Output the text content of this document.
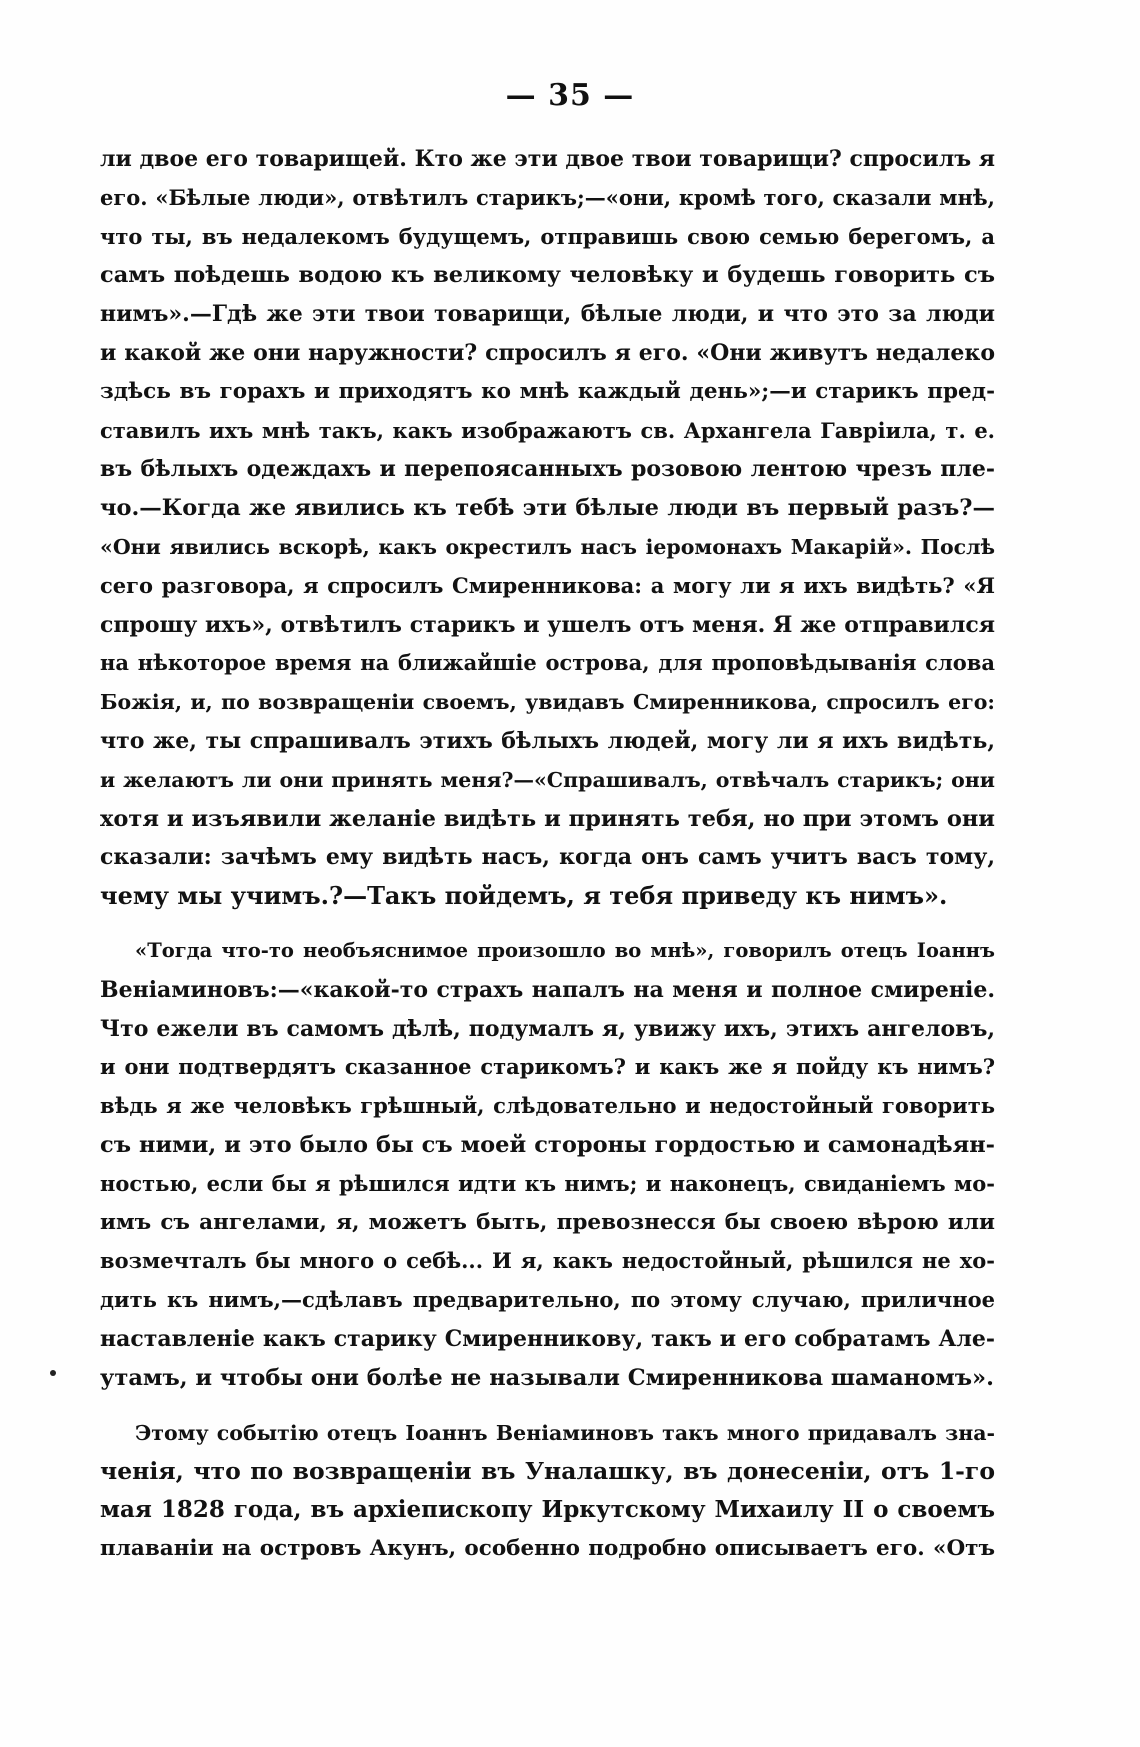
— 35 —
ли двое его товарищей. Кто же эти двое твои товарищи? спросилъ я
его. «Бѣлые люди», отвѣтилъ старикъ;—«они, кромѣ того, сказали мнѣ,
что ты, въ недалекомъ будущемъ, отправишь свою семью берегомъ, а
самъ поѣдешь водою къ великому человѣку и будешь говорить съ
нимъ».—Гдѣ же эти твои товарищи, бѣлые люди, и что это за люди
и какой же они наружности? спросилъ я его. «Они живутъ недалеко
здѣсь въ горахъ и приходятъ ко мнѣ каждый день»;—и старикъ пред-
ставилъ ихъ мнѣ такъ, какъ изображаютъ св. Архангела Гавріила, т. е.
въ бѣлыхъ одеждахъ и перепоясанныхъ розовою лентою чрезъ пле-
чо.—Когда же явились къ тебѣ эти бѣлые люди въ первый разъ?—
«Они явились вскорѣ, какъ окрестилъ насъ іеромонахъ Макарій». Послѣ
сего разговора, я спросилъ Смиренникова: а могу ли я ихъ видѣть? «Я
спрошу ихъ», отвѣтилъ старикъ и ушелъ отъ меня. Я же отправился
на нѣкоторое время на ближайшіе острова, для проповѣдыванія слова
Божія, и, по возвращеніи своемъ, увидавъ Смиренникова, спросилъ его:
что же, ты спрашивалъ этихъ бѣлыхъ людей, могу ли я ихъ видѣть,
и желаютъ ли они принять меня?—«Спрашивалъ, отвѣчалъ старикъ; они
хотя и изъявили желаніе видѣть и принять тебя, но при этомъ они
сказали: зачѣмъ ему видѣть насъ, когда онъ самъ учитъ васъ тому,
чему мы учимъ.?—Такъ пойдемъ, я тебя приведу къ нимъ».
«Тогда что-то необъяснимое произошло во мнѣ», говорилъ отецъ Іоаннъ
Веніаминовъ:—«какой-то страхъ напалъ на меня и полное смиреніе.
Что ежели въ самомъ дѣлѣ, подумалъ я, увижу ихъ, этихъ ангеловъ,
и они подтвердятъ сказанное старикомъ? и какъ же я пойду къ нимъ?
вѣдь я же человѣкъ грѣшный, слѣдовательно и недостойный говорить
съ ними, и это было бы съ моей стороны гордостью и самонадѣян-
ностью, если бы я рѣшился идти къ нимъ; и наконецъ, свиданіемъ мо-
имъ съ ангелами, я, можетъ быть, превознесся бы своею вѣрою или
возмечталъ бы много о себѣ... И я, какъ недостойный, рѣшился не хо-
дить къ нимъ,—сдѣлавъ предварительно, по этому случаю, приличное
наставленіе какъ старику Смиренникову, такъ и его собратамъ Але-
утамъ, и чтобы они болѣе не называли Смиренникова шаманомъ».
Этому событію отецъ Іоаннъ Веніаминовъ такъ много придавалъ зна-
ченія, что по возвращеніи въ Уналашку, въ донесеніи, отъ 1-го
мая 1828 года, въ архіепископу Иркутскому Михаилу II о своемъ
плаваніи на островъ Акунъ, особенно подробно описываетъ его. «Отъ
